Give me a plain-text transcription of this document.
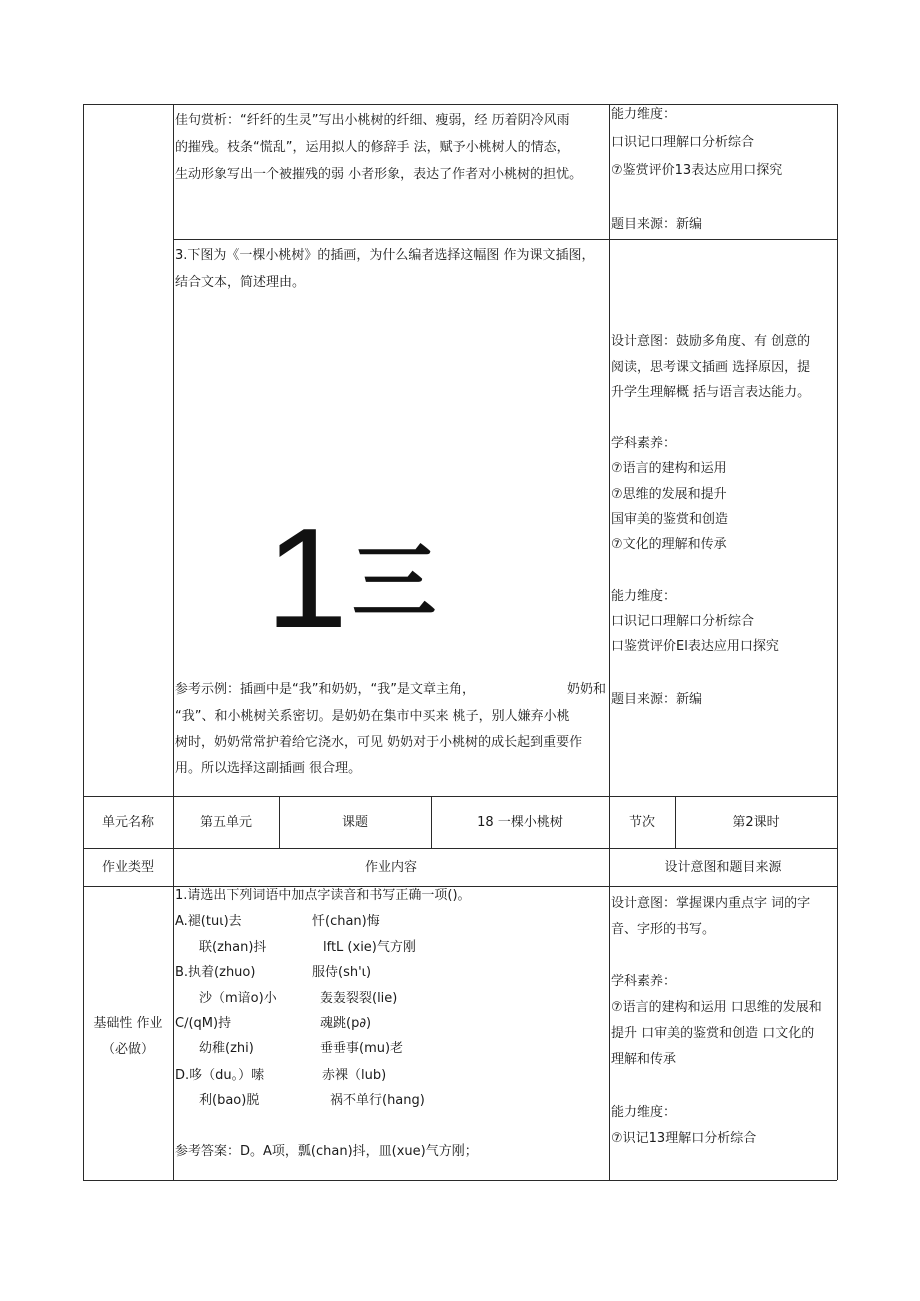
佳句赏析：“纤纤的生灵”写出小桃树的纤细、瘦弱，经 历着阴冷风雨
的摧残。枝条“慌乱”，运用拟人的修辞手 法，赋予小桃树人的情态，
生动形象写出一个被摧残的弱 小者形象，表达了作者对小桃树的担忧。
能力维度：
口识记口理解口分析综合
⑦鉴赏评价13表达应用口探究
题目来源：新编
3.下图为《一棵小桃树》的插画，为什么编者选择这幅图 作为课文插图，
结合文本，简述理由。
1 三
参考示例：插画中是“我”和奶奶，“我”是文章主角，	奶奶和
“我”、和小桃树关系密切。是奶奶在集市中买来 桃子，别人嫌弃小桃
树时，奶奶常常护着给它浇水，可见 奶奶对于小桃树的成长起到重要作
用。所以选择这副插画 很合理。
设计意图：鼓励多角度、有 创意的
阅读，思考课文插画 选择原因，提
升学生理解概 括与语言表达能力。
学科素养：
⑦语言的建构和运用
⑦思维的发展和提升
国审美的鉴赏和创造
⑦文化的理解和传承
能力维度：
口识记口理解口分析综合
口鉴赏评价El表达应用口探究
题目来源：新编
单元名称	第五单元	课题	18 一棵小桃树	节次	第2课时
作业类型	作业内容	设计意图和题目来源
基础性 作业
（必做）
1.请选出下列词语中加点字读音和书写正确一项()。
A.褪(tuι)去	忏(chan)悔
联(zhan)抖	lftL (xie)气方刚
B.执着(zhuo)	服侍(sh'ι)
沙（m谙o)小	轰轰裂裂(lie)
C∕(qM)持	魂跳(p∂)
幼稚(zhi)	垂垂事(mu)老
D.哆（du。）嗦	赤裸（lub)
利(bao)脱	祸不单行(hang)
参考答案：D。A项，瓢(chan)抖，皿(xue)气方刚；
设计意图：掌握课内重点字 词的字
音、字形的书写。
学科素养：
⑦语言的建构和运用 口思维的发展和
提升 口审美的鉴赏和创造 口文化的
理解和传承
能力维度：
⑦识记13理解口分析综合
